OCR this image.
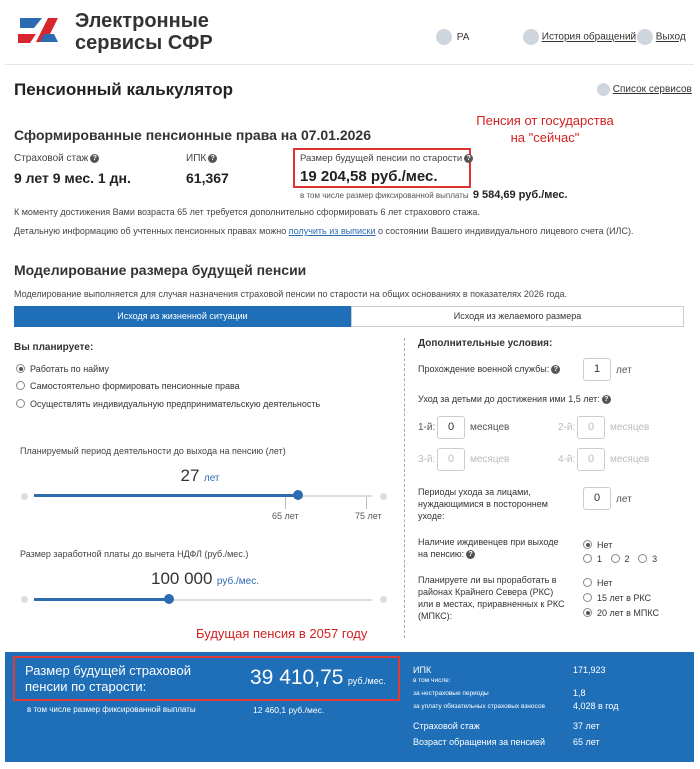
Электронные
сервисы СФР	РА	История обращений	Выход
Пенсионный калькулятор	Список сервисов
Сформированные пенсионные права на 07.01.2026
Страховой стаж ?
9 лет 9 мес. 1 дн.
ИПК ?
61,367
Размер будущей пенсии по старости ?
19 204,58 руб./мес.
в том числе размер фиксированной выплаты 9 584,69 руб./мес.
Пенсия от государства
на "сейчас"
К моменту достижения Вами возраста 65 лет требуется дополнительно сформировать 6 лет страхового стажа.
Детальную информацию об учтенных пенсионных правах можно получить из выписки о состоянии Вашего индивидуального лицевого счета (ИЛС).
Моделирование размера будущей пенсии
Моделирование выполняется для случая назначения страховой пенсии по старости на общих основаниях в показателях 2026 года.
Исходя из жизненной ситуации	Исходя из желаемого размера
Вы планируете:
Работать по найму
Самостоятельно формировать пенсионные права
Осуществлять индивидуальную предпринимательскую деятельность
Планируемый период деятельности до выхода на пенсию (лет)
27 лет
65 лет	75 лет
Размер заработной платы до вычета НДФЛ (руб./мес.)
100 000 руб./мес.
Дополнительные условия:
Прохождение военной службы: ?	1	лет
Уход за детьми до достижения ими 1,5 лет: ?
1-й:	0	месяцев	2-й:	0	месяцев
3-й:	0	месяцев	4-й:	0	месяцев
Периоды ухода за лицами, нуждающимися в постороннем уходе:
0	лет
Наличие иждивенцев при выходе на пенсию: ?
Нет
1	2	3
Планируете ли вы проработать в районах Крайнего Севера (РКС) или в местах, приравненных к РКС (МПКС):
Нет
15 лет в РКС
20 лет в МПКС
Будущая пенсия в 2057 году
Размер будущей страховой
пенсии по старости:	39 410,75 руб./мес.
в том числе размер фиксированной выплаты	12 460,1 руб./мес.
ИПК	171,923
в том числе:
за нестраховые периоды	1,8
за уплату обязательных страховых взносов	4,028 в год
Страховой стаж	37 лет
Возраст обращения за пенсией	65 лет
